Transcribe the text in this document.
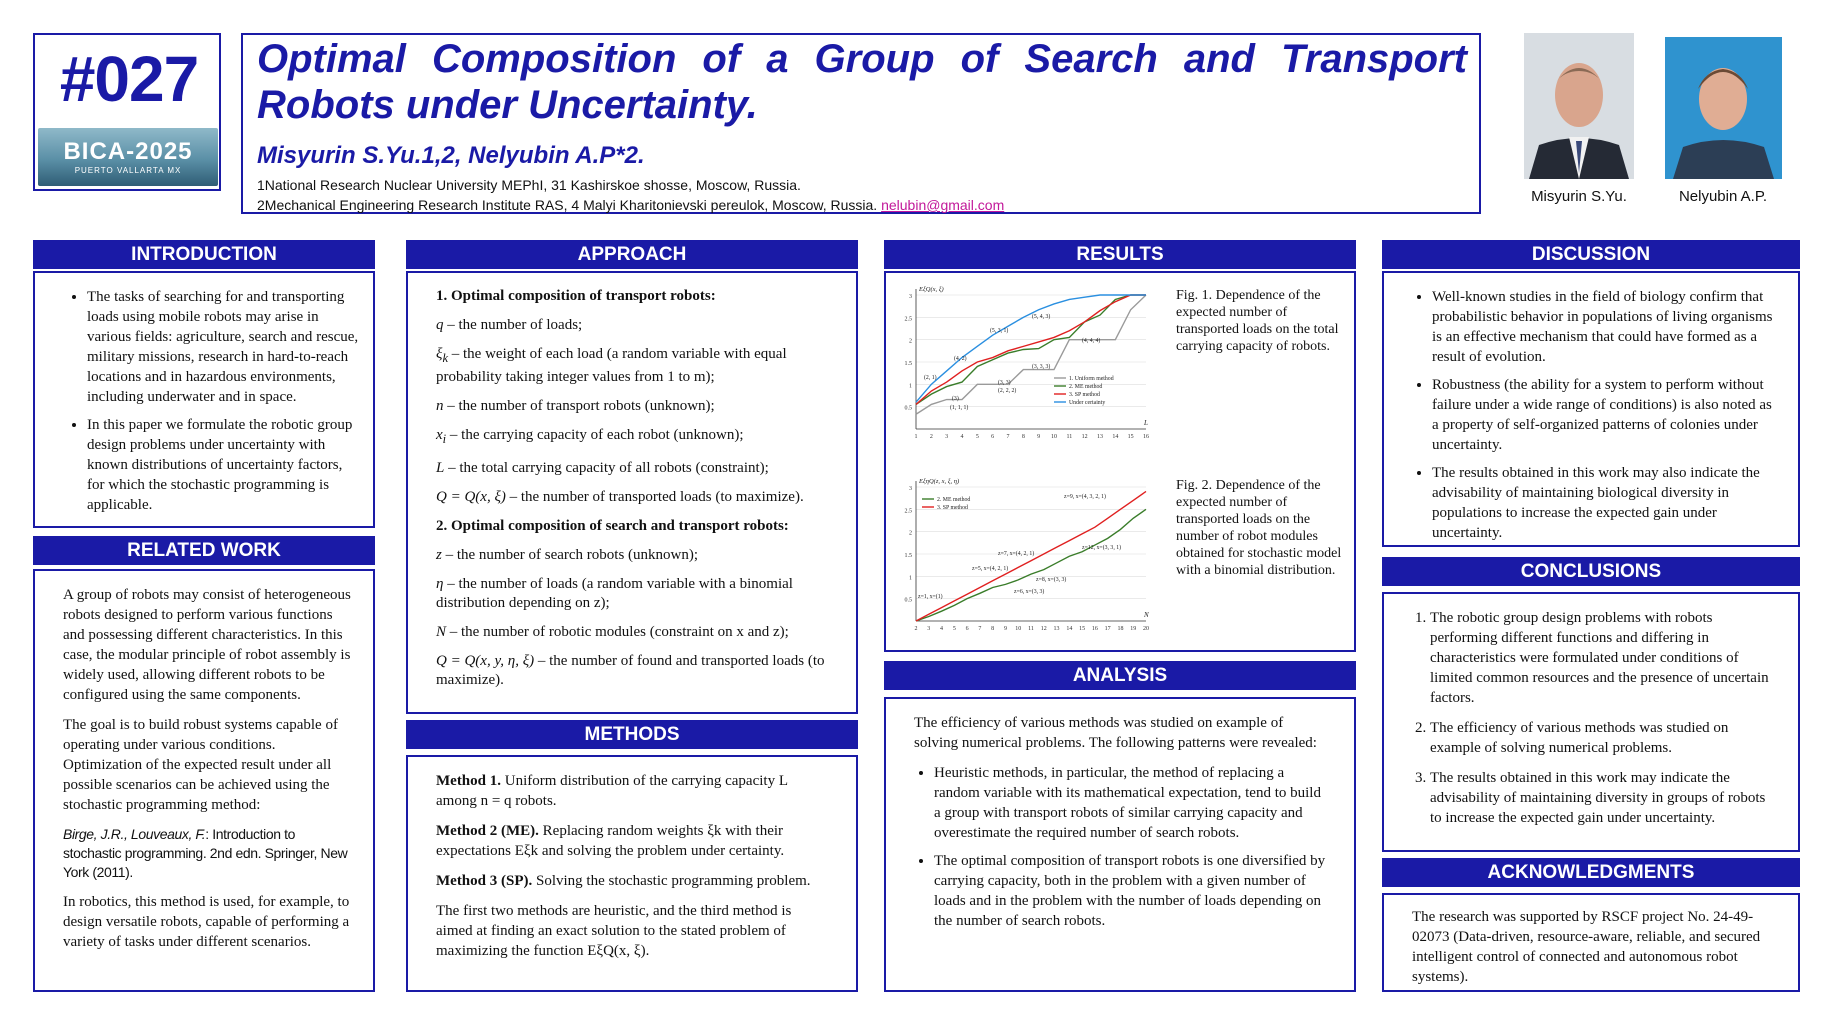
#027
BICA-2025
PUERTO VALLARTA MX
Optimal Composition of a Group of Search and Transport Robots under Uncertainty.
Misyurin S.Yu.1,2, Nelyubin A.P*2.
1National Research Nuclear University MEPhI, 31 Kashirskoe shosse, Moscow, Russia.
2Mechanical Engineering Research Institute RAS, 4 Malyi Kharitonievski pereulok, Moscow, Russia. nelubin@gmail.com	Misyurin S.Yu.	Nelyubin A.P.
INTRODUCTION
• The tasks of searching for and transporting loads using mobile robots may arise in various fields: agriculture, search and rescue, military missions, research in hard-to-reach locations and in hazardous environments, including underwater and in space.
• In this paper we formulate the robotic group design problems under uncertainty with known distributions of uncertainty factors, for which the stochastic programming is applicable.
RELATED WORK

A group of robots may consist of heterogeneous robots designed to perform various functions and possessing different characteristics. In this case, the modular principle of robot assembly is widely used, allowing different robots to be configured using the same components.

The goal is to build robust systems capable of operating under various conditions. Optimization of the expected result under all possible scenarios can be achieved using the stochastic programming method:

Birge, J.R., Louveaux, F.: Introduction to stochastic programming. 2nd edn. Springer, New York (2011).

In robotics, this method is used, for example, to design versatile robots, capable of performing a variety of tasks under different scenarios.

APPROACH

1. Optimal composition of transport robots:

q – the number of loads;

$\xi_k$ – the weight of each load (a random variable with equal probability taking integer values from 1 to m);

n – the number of transport robots (unknown);

$x_i$ – the carrying capacity of each robot (unknown);

L – the total carrying capacity of all robots (constraint);

Q = Q(x, ξ) – the number of transported loads (to maximize).

2. Optimal composition of search and transport robots:

z – the number of search robots (unknown);

η – the number of loads (a random variable with a binomial distribution depending on z);

N – the number of robotic modules (constraint on x and z);

Q = Q(x, y, η, ξ) – the number of found and transported loads (to maximize).

METHODS

Method 1. Uniform distribution of the carrying capacity L among n = q robots.

Method 2 (ME). Replacing random weights ξk with their expectations Eξk and solving the problem under certainty.

Method 3 (SP). Solving the stochastic programming problem.

The first two methods are heuristic, and the third method is aimed at finding an exact solution to the stated problem of maximizing the function EξQ(x, ξ).

RESULTS
0.5
1
1.5
2
2.5
3
1 2 3 4 5 6 7 8 9 10 11 12 13 14 15 16
EξQ(x, ξ)
L
1. Uniform method
2. ME method
3. SP method
Under certainty
(1, 1, 1)
(3)
(2, 1)
(2, 2, 2)
(3, 3)
(4, 2)
(3, 3, 3)
(5, 3, 1)
(5, 4, 3)
(4, 4, 4)
Fig. 1. Dependence of the expected number of transported loads on the total carrying capacity of robots.
0.5
1
1.5
2
2.5
3
2 3 4 5 6 7 8 9 10 11 12 13 14 15 16 17 18 19 20
EξηQ(z, x, ξ, η)
N
2. ME method
3. SP method
z=1, x=(1)
z=5, x=(4, 2, 1)
z=6, x=(3, 3)
z=7, x=(4, 2, 1)
z=8, x=(3, 3)
z=12, x=(3, 3, 1)
z=9, x=(4, 3, 2, 1)
Fig. 2. Dependence of the expected number of transported loads on the number of robot modules obtained for stochastic model with a binomial distribution.
ANALYSIS

The efficiency of various methods was studied on example of solving numerical problems. The following patterns were revealed:

• Heuristic methods, in particular, the method of replacing a random variable with its mathematical expectation, tend to build a group with transport robots of similar carrying capacity and overestimate the required number of search robots.
• The optimal composition of transport robots is one diversified by carrying capacity, both in the problem with a given number of loads and in the problem with the number of loads depending on the number of search robots.
DISCUSSION
• Well-known studies in the field of biology confirm that probabilistic behavior in populations of living organisms is an effective mechanism that could have formed as a result of evolution.
• Robustness (the ability for a system to perform without failure under a wide range of conditions) is also noted as a property of self-organized patterns of colonies under uncertainty.
• The results obtained in this work may also indicate the advisability of maintaining biological diversity in populations to increase the expected gain under uncertainty.
CONCLUSIONS
1. The robotic group design problems with robots performing different functions and differing in characteristics were formulated under conditions of limited common resources and the presence of uncertain factors.
2. The efficiency of various methods was studied on example of solving numerical problems.
3. The results obtained in this work may indicate the advisability of maintaining diversity in groups of robots to increase the expected gain under uncertainty.
ACKNOWLEDGMENTS

The research was supported by RSCF project No. 24-49-02073 (Data-driven, resource-aware, reliable, and secured intelligent control of connected and autonomous robot systems).
